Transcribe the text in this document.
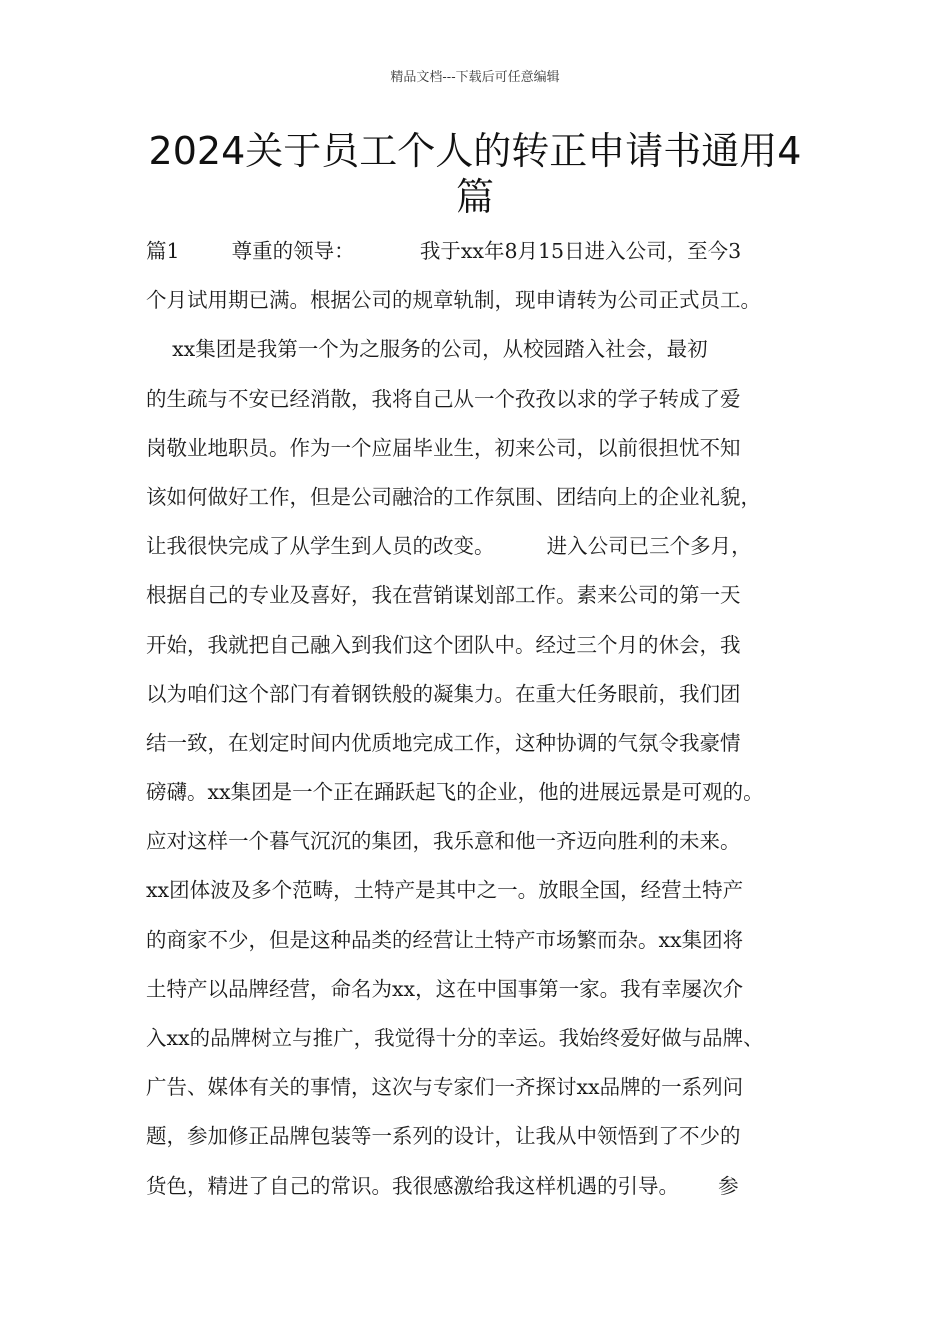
精品文档---下载后可任意编辑
2024关于员工个人的转正申请书通用4篇
篇1        尊重的领导：          我于xx年8月15日进入公司，至今3
个月试用期已满。根据公司的规章轨制，现申请转为公司正式员工。
xx集团是我第一个为之服务的公司，从校园踏入社会，最初
的生疏与不安已经消散，我将自己从一个孜孜以求的学子转成了爱
岗敬业地职员。作为一个应届毕业生，初来公司，以前很担忧不知
该如何做好工作，但是公司融洽的工作氛围、团结向上的企业礼貌，
让我很快完成了从学生到人员的改变。        进入公司已三个多月，
根据自己的专业及喜好，我在营销谋划部工作。素来公司的第一天
开始，我就把自己融入到我们这个团队中。经过三个月的休会，我
以为咱们这个部门有着钢铁般的凝集力。在重大任务眼前，我们团
结一致，在划定时间内优质地完成工作，这种协调的气氛令我豪情
磅礴。xx集团是一个正在踊跃起飞的企业，他的进展远景是可观的。
应对这样一个暮气沉沉的集团，我乐意和他一齐迈向胜利的未来。
xx团体波及多个范畴，土特产是其中之一。放眼全国，经营土特产
的商家不少，但是这种品类的经营让土特产市场繁而杂。xx集团将
土特产以品牌经营，命名为xx，这在中国事第一家。我有幸屡次介
入xx的品牌树立与推广，我觉得十分的幸运。我始终爱好做与品牌、
广告、媒体有关的事情，这次与专家们一齐探讨xx品牌的一系列问
题，参加修正品牌包装等一系列的设计，让我从中领悟到了不少的
货色，精进了自己的常识。我很感激给我这样机遇的引导。      参
